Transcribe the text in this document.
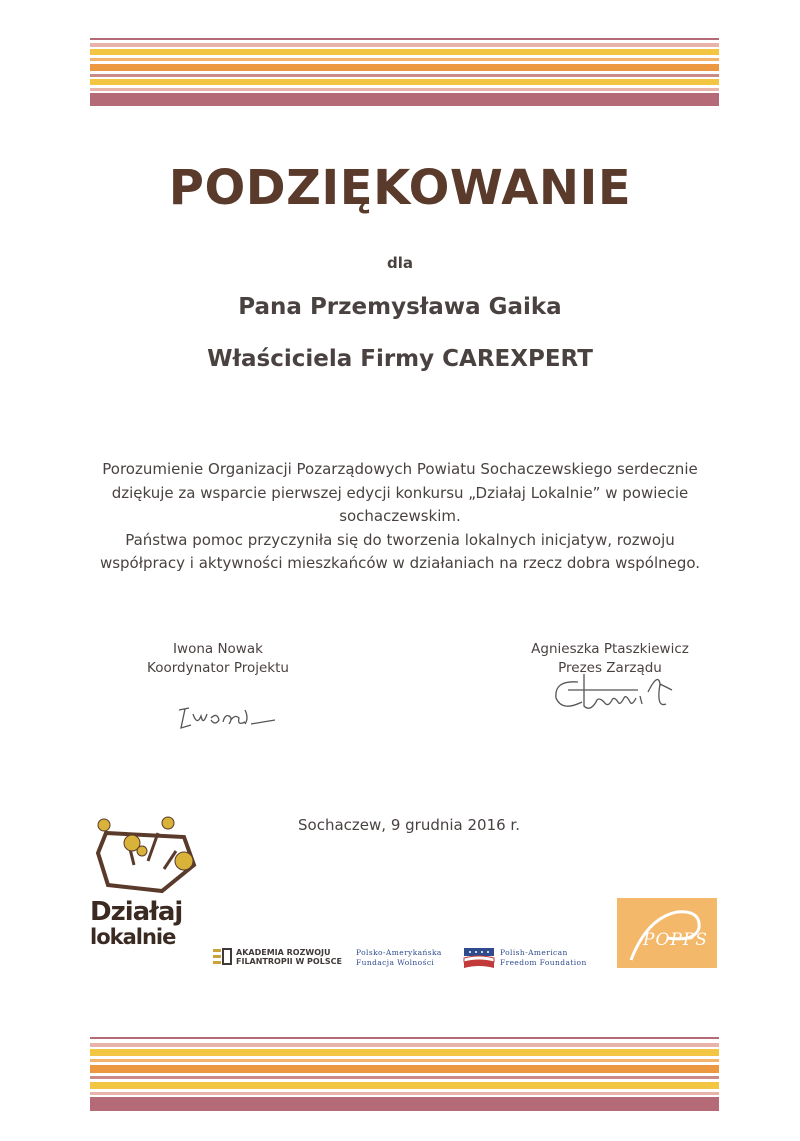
PODZIĘKOWANIE
dla
Pana Przemysława Gaika
Właściciela Firmy CAREXPERT
Porozumienie Organizacji Pozarządowych Powiatu Sochaczewskiego serdecznie
dziękuje za wsparcie pierwszej edycji konkursu „Działaj Lokalnie” w powiecie
sochaczewskim.
Państwa pomoc przyczyniła się do tworzenia lokalnych inicjatyw, rozwoju
współpracy i aktywności mieszkańców w działaniach na rzecz dobra wspólnego.
Iwona Nowak
Koordynator Projektu
Agnieszka Ptaszkiewicz
Prezes Zarządu
Sochaczew, 9 grudnia 2016 r.
Działaj
lokalnie
AKADEMIA ROZWOJU
FILANTROPII W POLSCE
Polsko-Amerykańska
Fundacja Wolności
Polish-American
Freedom Foundation
POPPS
